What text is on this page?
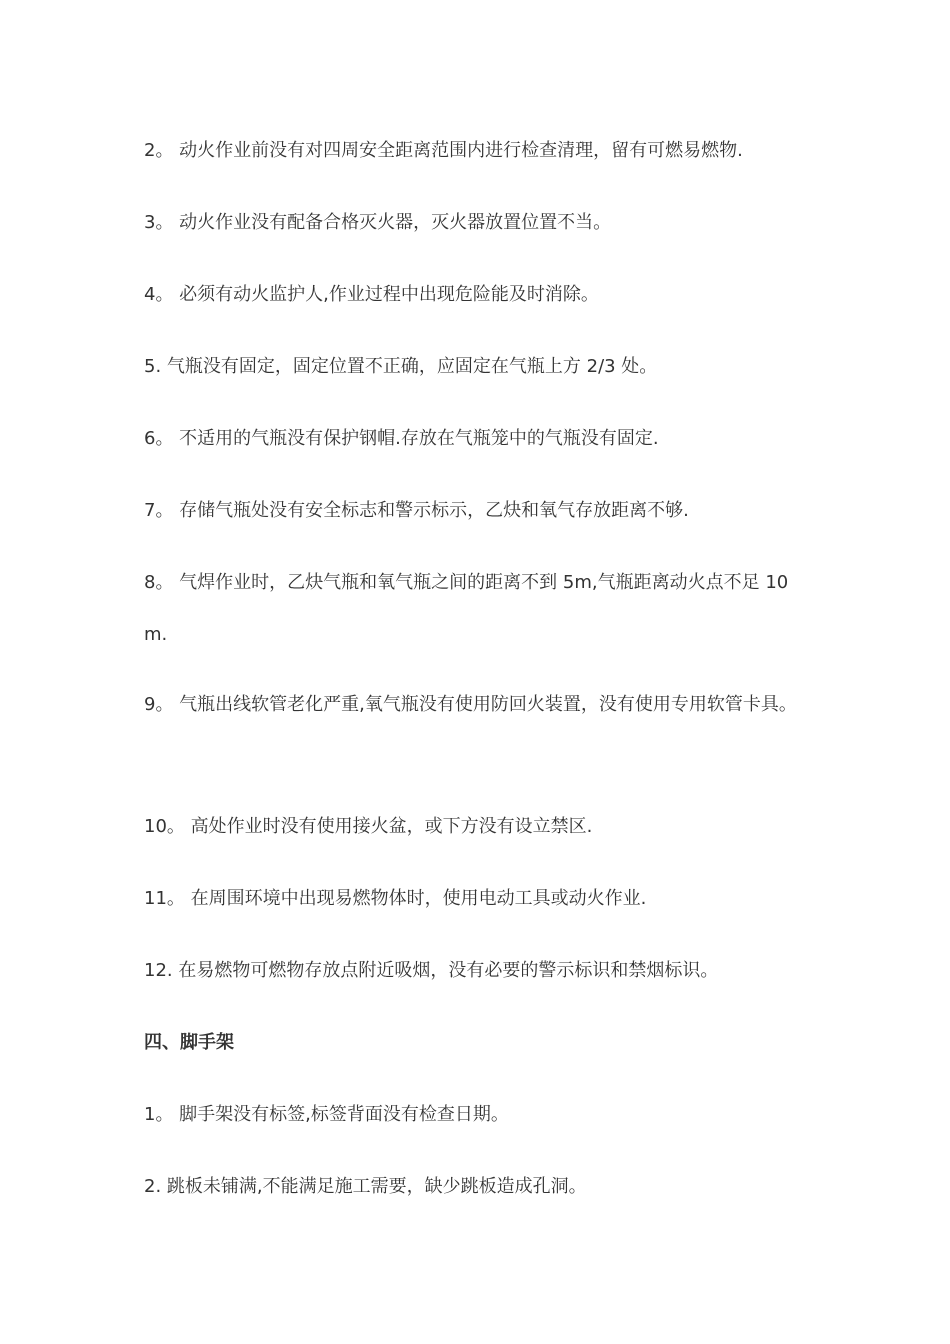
2。 动火作业前没有对四周安全距离范围内进行检查清理，留有可燃易燃物.

3。 动火作业没有配备合格灭火器，灭火器放置位置不当。

4。 必须有动火监护人,作业过程中出现危险能及时消除。

5. 气瓶没有固定，固定位置不正确，应固定在气瓶上方 2/3 处。

6。 不适用的气瓶没有保护钢帽.存放在气瓶笼中的气瓶没有固定.

7。 存储气瓶处没有安全标志和警示标示，乙炔和氧气存放距离不够.

8。 气焊作业时，乙炔气瓶和氧气瓶之间的距离不到 5m,气瓶距离动火点不足 10m.

9。 气瓶出线软管老化严重,氧气瓶没有使用防回火装置，没有使用专用软管卡具。

10。 高处作业时没有使用接火盆，或下方没有设立禁区.

11。 在周围环境中出现易燃物体时，使用电动工具或动火作业.

12. 在易燃物可燃物存放点附近吸烟，没有必要的警示标识和禁烟标识。

四、脚手架

1。 脚手架没有标签,标签背面没有检查日期。

2. 跳板未铺满,不能满足施工需要，缺少跳板造成孔洞。
